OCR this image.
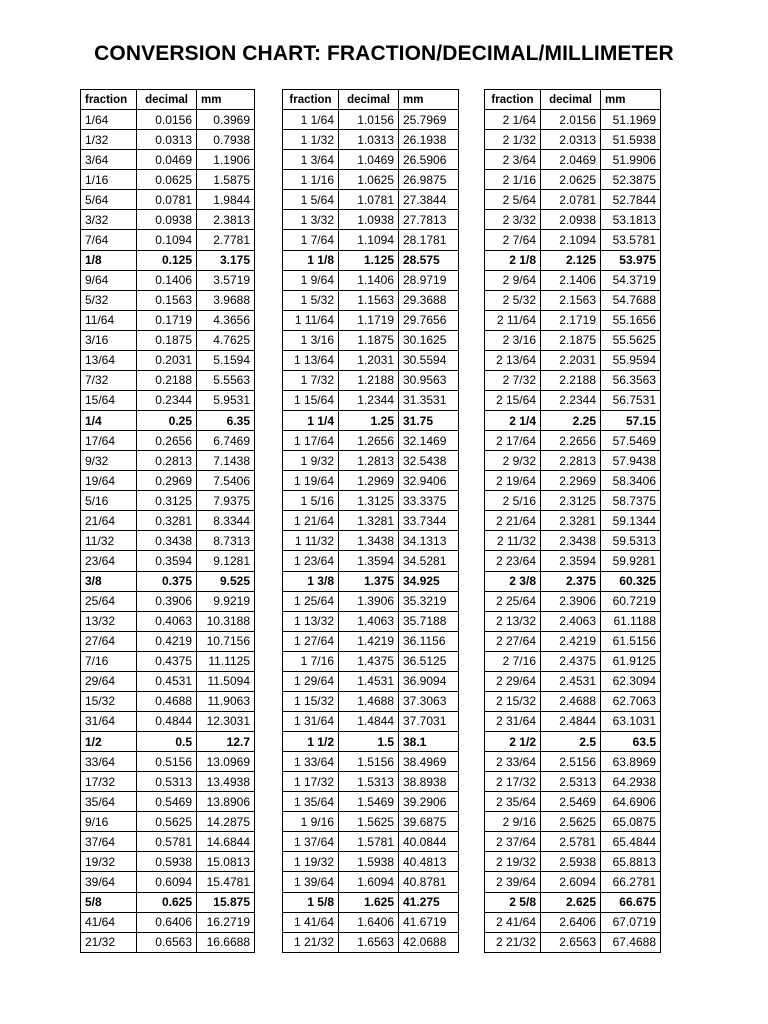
CONVERSION CHART: FRACTION/DECIMAL/MILLIMETER
fraction	decimal	mm		fraction	decimal	mm		fraction	decimal	mm
1/64	0.0156	0.3969		1 1/64	1.0156	25.7969		2 1/64	2.0156	51.1969
1/32	0.0313	0.7938		1 1/32	1.0313	26.1938		2 1/32	2.0313	51.5938
3/64	0.0469	1.1906		1 3/64	1.0469	26.5906		2 3/64	2.0469	51.9906
1/16	0.0625	1.5875		1 1/16	1.0625	26.9875		2 1/16	2.0625	52.3875
5/64	0.0781	1.9844		1 5/64	1.0781	27.3844		2 5/64	2.0781	52.7844
3/32	0.0938	2.3813		1 3/32	1.0938	27.7813		2 3/32	2.0938	53.1813
7/64	0.1094	2.7781		1 7/64	1.1094	28.1781		2 7/64	2.1094	53.5781
1/8	0.125	3.175		1 1/8	1.125	28.575		2 1/8	2.125	53.975
9/64	0.1406	3.5719		1 9/64	1.1406	28.9719		2 9/64	2.1406	54.3719
5/32	0.1563	3.9688		1 5/32	1.1563	29.3688		2 5/32	2.1563	54.7688
11/64	0.1719	4.3656		1 11/64	1.1719	29.7656		2 11/64	2.1719	55.1656
3/16	0.1875	4.7625		1 3/16	1.1875	30.1625		2 3/16	2.1875	55.5625
13/64	0.2031	5.1594		1 13/64	1.2031	30.5594		2 13/64	2.2031	55.9594
7/32	0.2188	5.5563		1 7/32	1.2188	30.9563		2 7/32	2.2188	56.3563
15/64	0.2344	5.9531		1 15/64	1.2344	31.3531		2 15/64	2.2344	56.7531
1/4	0.25	6.35		1 1/4	1.25	31.75		2 1/4	2.25	57.15
17/64	0.2656	6.7469		1 17/64	1.2656	32.1469		2 17/64	2.2656	57.5469
9/32	0.2813	7.1438		1 9/32	1.2813	32.5438		2 9/32	2.2813	57.9438
19/64	0.2969	7.5406		1 19/64	1.2969	32.9406		2 19/64	2.2969	58.3406
5/16	0.3125	7.9375		1 5/16	1.3125	33.3375		2 5/16	2.3125	58.7375
21/64	0.3281	8.3344		1 21/64	1.3281	33.7344		2 21/64	2.3281	59.1344
11/32	0.3438	8.7313		1 11/32	1.3438	34.1313		2 11/32	2.3438	59.5313
23/64	0.3594	9.1281		1 23/64	1.3594	34.5281		2 23/64	2.3594	59.9281
3/8	0.375	9.525		1 3/8	1.375	34.925		2 3/8	2.375	60.325
25/64	0.3906	9.9219		1 25/64	1.3906	35.3219		2 25/64	2.3906	60.7219
13/32	0.4063	10.3188		1 13/32	1.4063	35.7188		2 13/32	2.4063	61.1188
27/64	0.4219	10.7156		1 27/64	1.4219	36.1156		2 27/64	2.4219	61.5156
7/16	0.4375	11.1125		1 7/16	1.4375	36.5125		2 7/16	2.4375	61.9125
29/64	0.4531	11.5094		1 29/64	1.4531	36.9094		2 29/64	2.4531	62.3094
15/32	0.4688	11.9063		1 15/32	1.4688	37.3063		2 15/32	2.4688	62.7063
31/64	0.4844	12.3031		1 31/64	1.4844	37.7031		2 31/64	2.4844	63.1031
1/2	0.5	12.7		1 1/2	1.5	38.1		2 1/2	2.5	63.5
33/64	0.5156	13.0969		1 33/64	1.5156	38.4969		2 33/64	2.5156	63.8969
17/32	0.5313	13.4938		1 17/32	1.5313	38.8938		2 17/32	2.5313	64.2938
35/64	0.5469	13.8906		1 35/64	1.5469	39.2906		2 35/64	2.5469	64.6906
9/16	0.5625	14.2875		1 9/16	1.5625	39.6875		2 9/16	2.5625	65.0875
37/64	0.5781	14.6844		1 37/64	1.5781	40.0844		2 37/64	2.5781	65.4844
19/32	0.5938	15.0813		1 19/32	1.5938	40.4813		2 19/32	2.5938	65.8813
39/64	0.6094	15.4781		1 39/64	1.6094	40.8781		2 39/64	2.6094	66.2781
5/8	0.625	15.875		1 5/8	1.625	41.275		2 5/8	2.625	66.675
41/64	0.6406	16.2719		1 41/64	1.6406	41.6719		2 41/64	2.6406	67.0719
21/32	0.6563	16.6688		1 21/32	1.6563	42.0688		2 21/32	2.6563	67.4688
